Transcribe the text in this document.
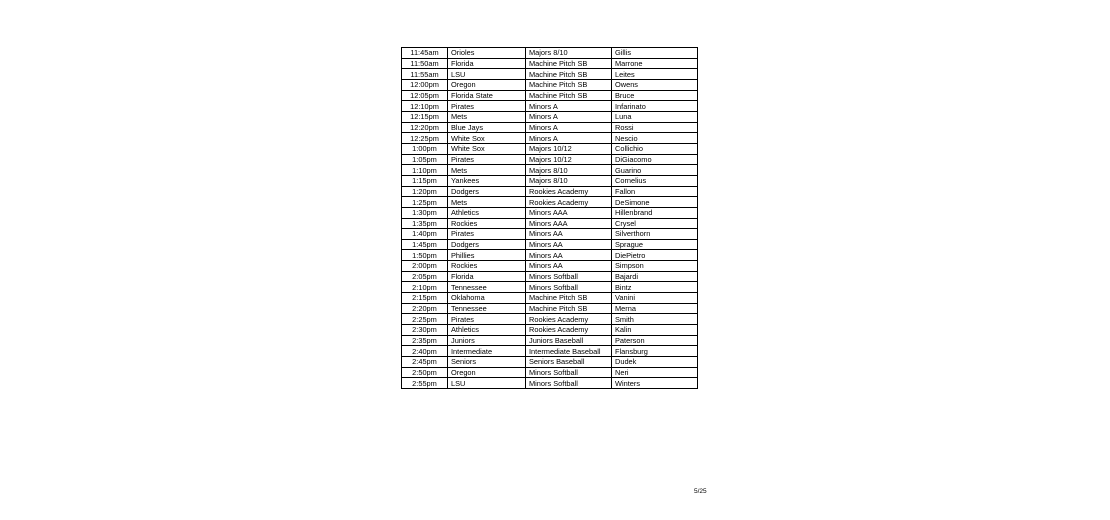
11:45am	Orioles	Majors 8/10	Gillis
11:50am	Florida	Machine Pitch SB	Marrone
11:55am	LSU	Machine Pitch SB	Leites
12:00pm	Oregon	Machine Pitch SB	Owens
12:05pm	Florida State	Machine Pitch SB	Bruce
12:10pm	Pirates	Minors A	Infarinato
12:15pm	Mets	Minors A	Luna
12:20pm	Blue Jays	Minors A	Rossi
12:25pm	White Sox	Minors A	Nescio
1:00pm	White Sox	Majors 10/12	Collichio
1:05pm	Pirates	Majors 10/12	DiGiacomo
1:10pm	Mets	Majors 8/10	Guarino
1:15pm	Yankees	Majors 8/10	Cornelius
1:20pm	Dodgers	Rookies Academy	Fallon
1:25pm	Mets	Rookies Academy	DeSimone
1:30pm	Athletics	Minors AAA	Hillenbrand
1:35pm	Rockies	Minors AAA	Crysel
1:40pm	Pirates	Minors AA	Silverthorn
1:45pm	Dodgers	Minors AA	Sprague
1:50pm	Phillies	Minors AA	DiePietro
2:00pm	Rockies	Minors AA	Simpson
2:05pm	Florida	Minors Softball	Bajardi
2:10pm	Tennessee	Minors Softball	Bintz
2:15pm	Oklahoma	Machine Pitch SB	Vanini
2:20pm	Tennessee	Machine Pitch SB	Merna
2:25pm	Pirates	Rookies Academy	Smith
2:30pm	Athletics	Rookies Academy	Kalin
2:35pm	Juniors	Juniors Baseball	Paterson
2:40pm	Intermediate	Intermediate Baseball	Flansburg
2:45pm	Seniors	Seniors Baseball	Dudek
2:50pm	Oregon	Minors Softball	Neri
2:55pm	LSU	Minors Softball	Winters
5/25
